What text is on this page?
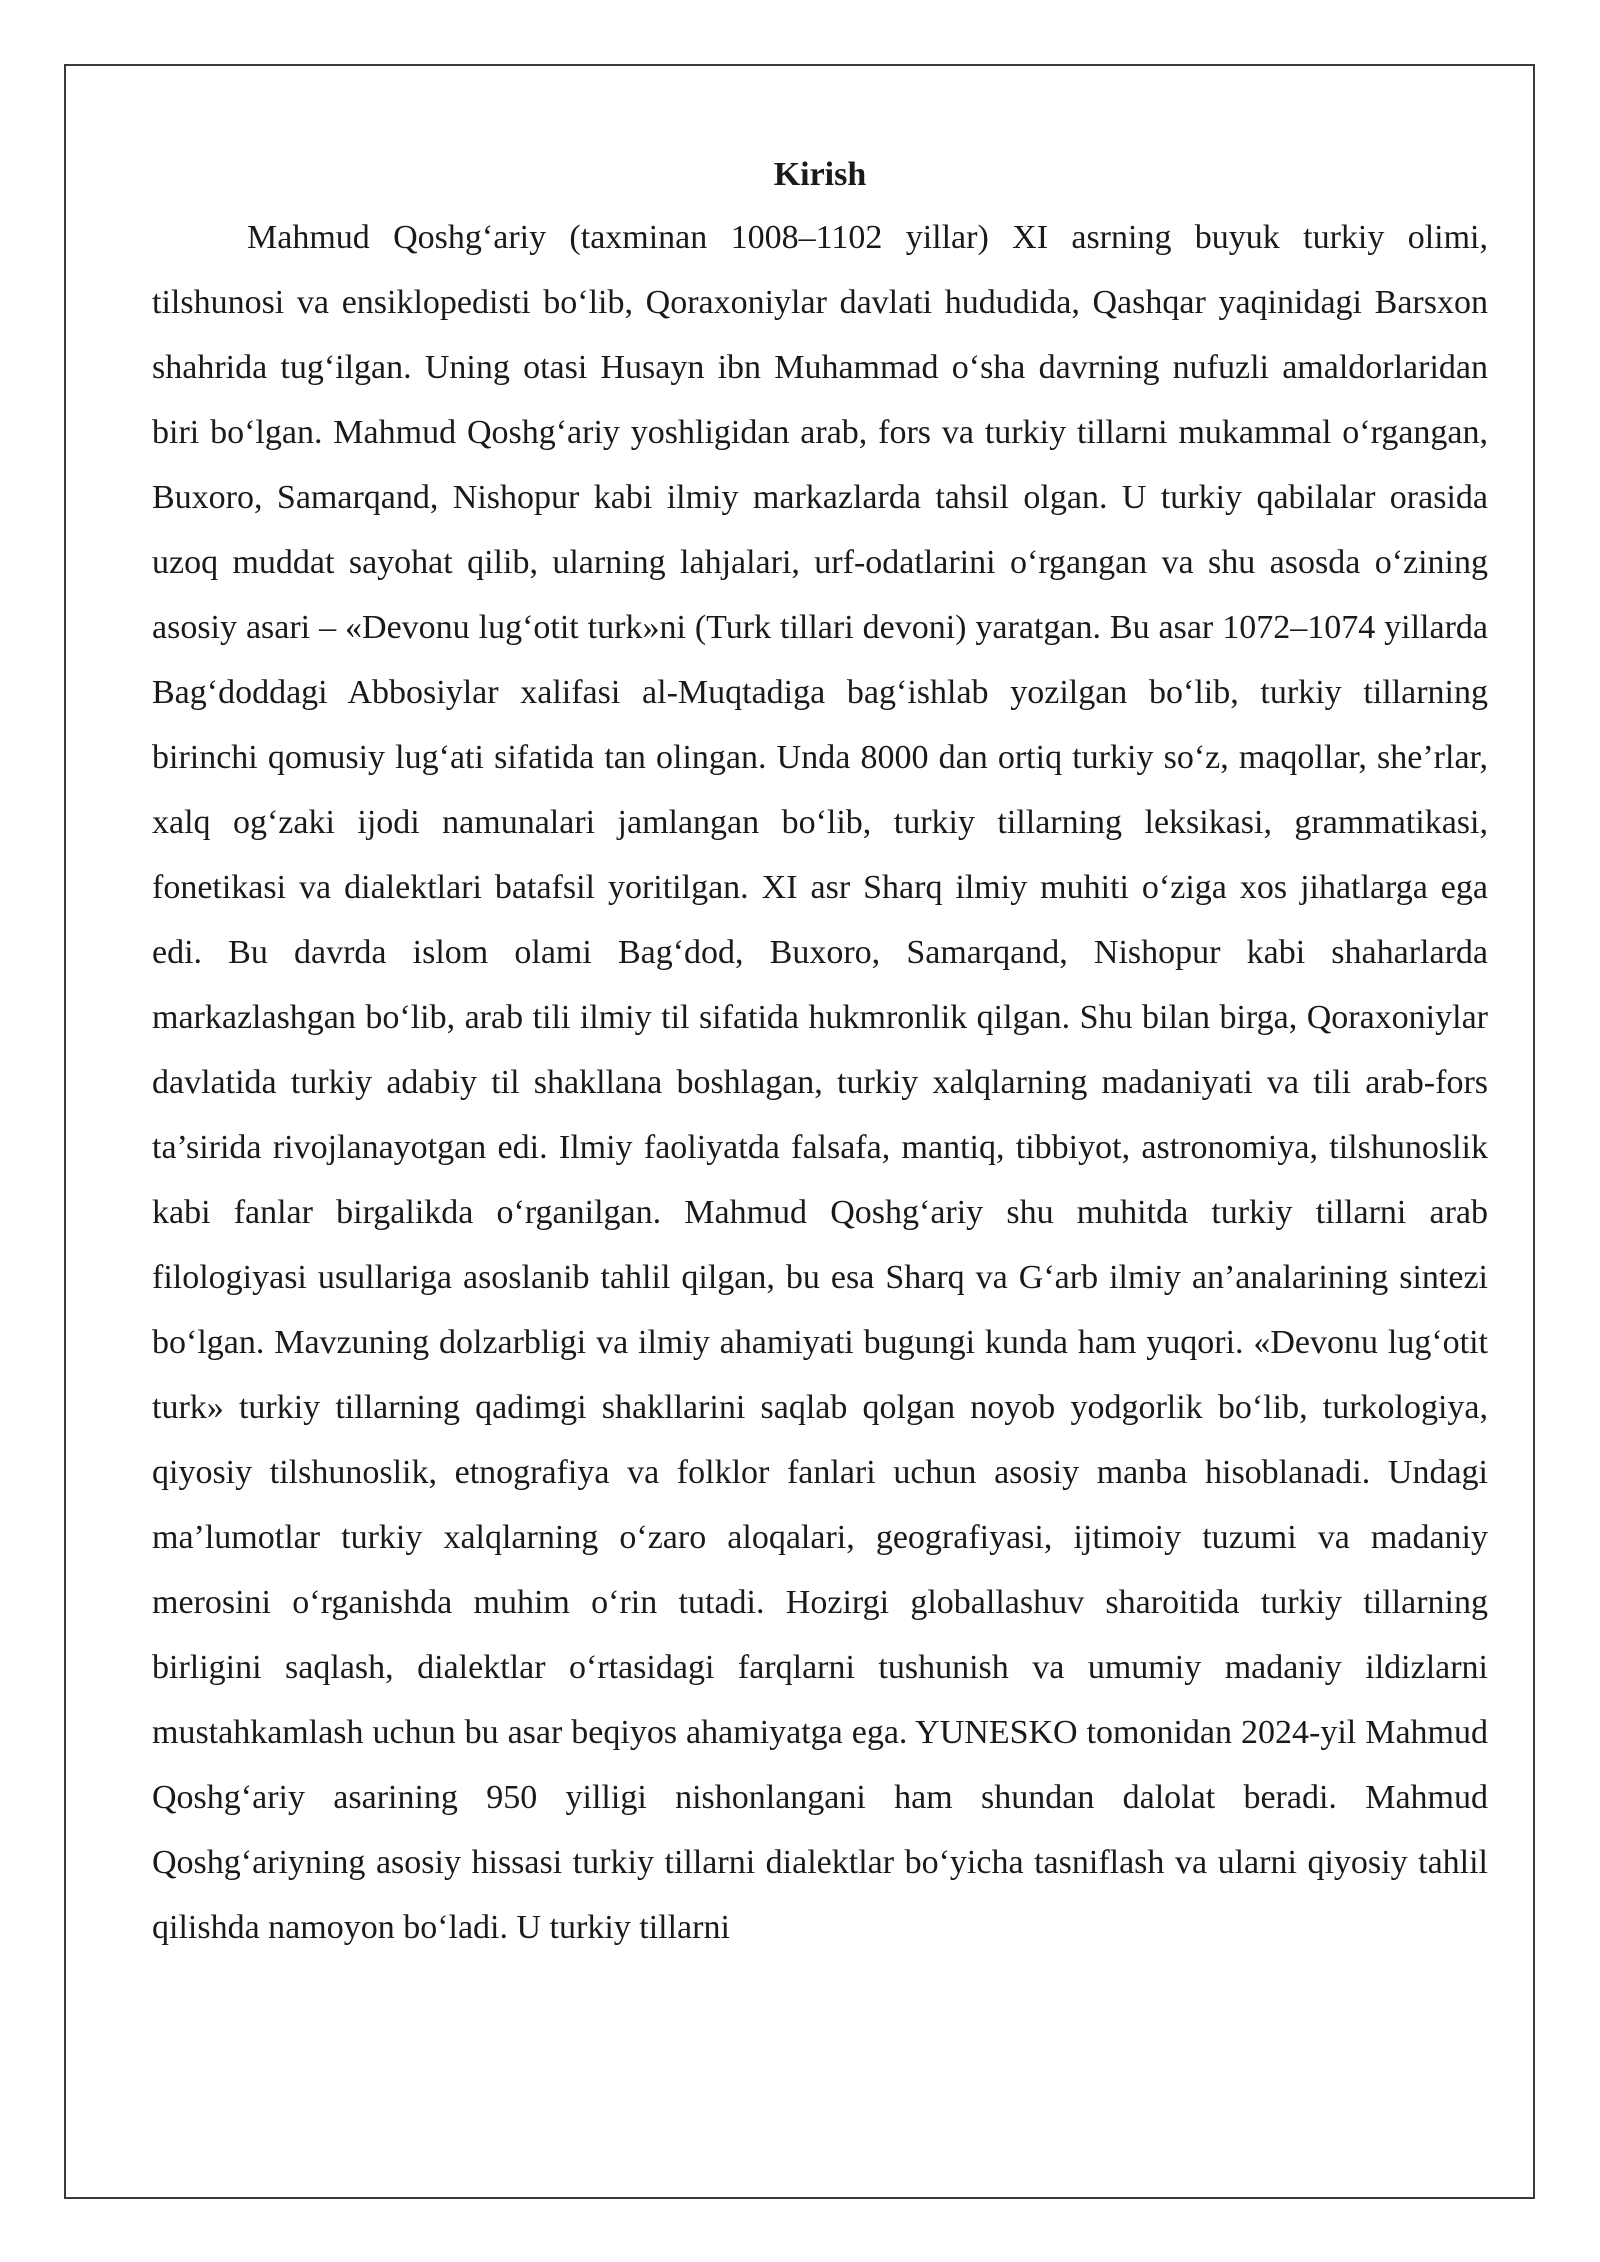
Kirish

Mahmud Qoshg‘ariy (taxminan 1008–1102 yillar) XI asrning buyuk turkiy olimi, tilshunosi va ensiklopedisti bo‘lib, Qoraxoniylar davlati hududida, Qashqar yaqinidagi Barsxon shahrida tug‘ilgan. Uning otasi Husayn ibn Muhammad o‘sha davrning nufuzli amaldorlaridan biri bo‘lgan. Mahmud Qoshg‘ariy yoshligidan arab, fors va turkiy tillarni mukammal o‘rgangan, Buxoro, Samarqand, Nishopur kabi ilmiy markazlarda tahsil olgan. U turkiy qabilalar orasida uzoq muddat sayohat qilib, ularning lahjalari, urf-odatlarini o‘rgangan va shu asosda o‘zining asosiy asari – «Devonu lug‘otit turk»ni (Turk tillari devoni) yaratgan. Bu asar 1072–1074 yillarda Bag‘doddagi Abbosiylar xalifasi al-Muqtadiga bag‘ishlab yozilgan bo‘lib, turkiy tillarning birinchi qomusiy lug‘ati sifatida tan olingan. Unda 8000 dan ortiq turkiy so‘z, maqollar, she’rlar, xalq og‘zaki ijodi namunalari jamlangan bo‘lib, turkiy tillarning leksikasi, grammatikasi, fonetikasi va dialektlari batafsil yoritilgan. XI asr Sharq ilmiy muhiti o‘ziga xos jihatlarga ega edi. Bu davrda islom olami Bag‘dod, Buxoro, Samarqand, Nishopur kabi shaharlarda markazlashgan bo‘lib, arab tili ilmiy til sifatida hukmronlik qilgan. Shu bilan birga, Qoraxoniylar davlatida turkiy adabiy til shakllana boshlagan, turkiy xalqlarning madaniyati va tili arab-fors ta’sirida rivojlanayotgan edi. Ilmiy faoliyatda falsafa, mantiq, tibbiyot, astronomiya, tilshunoslik kabi fanlar birgalikda o‘rganilgan. Mahmud Qoshg‘ariy shu muhitda turkiy tillarni arab filologiyasi usullariga asoslanib tahlil qilgan, bu esa Sharq va G‘arb ilmiy an’analarining sintezi bo‘lgan. Mavzuning dolzarbligi va ilmiy ahamiyati bugungi kunda ham yuqori. «Devonu lug‘otit turk» turkiy tillarning qadimgi shakllarini saqlab qolgan noyob yodgorlik bo‘lib, turkologiya, qiyosiy tilshunoslik, etnografiya va folklor fanlari uchun asosiy manba hisoblanadi. Undagi ma’lumotlar turkiy xalqlarning o‘zaro aloqalari, geografiyasi, ijtimoiy tuzumi va madaniy merosini o‘rganishda muhim o‘rin tutadi. Hozirgi globallashuv sharoitida turkiy tillarning birligini saqlash, dialektlar o‘rtasidagi farqlarni tushunish va umumiy madaniy ildizlarni mustahkamlash uchun bu asar beqiyos ahamiyatga ega. YUNESKO tomonidan 2024-yil Mahmud Qoshg‘ariy asarining 950 yilligi nishonlangani ham shundan dalolat beradi. Mahmud Qoshg‘ariyning asosiy hissasi turkiy tillarni dialektlar bo‘yicha tasniflash va ularni qiyosiy tahlil qilishda namoyon bo‘ladi. U turkiy tillarni
